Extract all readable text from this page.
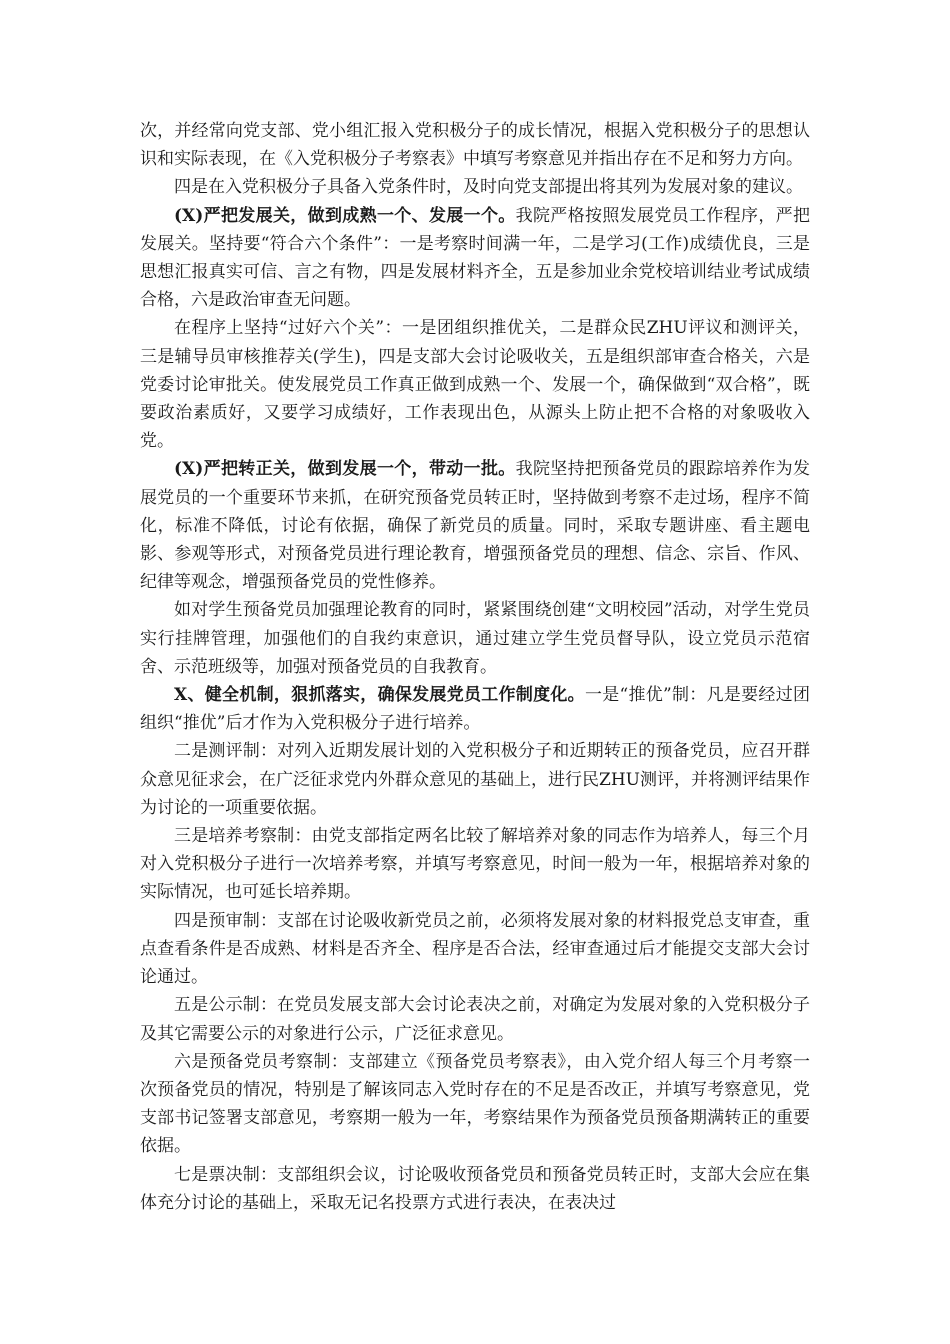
次，并经常向党支部、党小组汇报入党积极分子的成长情况，根据入党积极分子的思想认识和实际表现，在《入党积极分子考察表》中填写考察意见并指出存在不足和努力方向。

四是在入党积极分子具备入党条件时，及时向党支部提出将其列为发展对象的建议。

(X)严把发展关，做到成熟一个、发展一个。我院严格按照发展党员工作程序，严把发展关。坚持要“符合六个条件”：一是考察时间满一年，二是学习(工作)成绩优良，三是思想汇报真实可信、言之有物，四是发展材料齐全，五是参加业余党校培训结业考试成绩合格，六是政治审查无问题。

在程序上坚持“过好六个关”：一是团组织推优关，二是群众民ZHU评议和测评关，三是辅导员审核推荐关(学生)，四是支部大会讨论吸收关，五是组织部审查合格关，六是党委讨论审批关。使发展党员工作真正做到成熟一个、发展一个，确保做到“双合格”，既要政治素质好，又要学习成绩好，工作表现出色，从源头上防止把不合格的对象吸收入党。

(X)严把转正关，做到发展一个，带动一批。我院坚持把预备党员的跟踪培养作为发展党员的一个重要环节来抓，在研究预备党员转正时，坚持做到考察不走过场，程序不简化，标准不降低，讨论有依据，确保了新党员的质量。同时，采取专题讲座、看主题电影、参观等形式，对预备党员进行理论教育，增强预备党员的理想、信念、宗旨、作风、纪律等观念，增强预备党员的党性修养。

如对学生预备党员加强理论教育的同时，紧紧围绕创建“文明校园”活动，对学生党员实行挂牌管理，加强他们的自我约束意识，通过建立学生党员督导队，设立党员示范宿舍、示范班级等，加强对预备党员的自我教育。

X、健全机制，狠抓落实，确保发展党员工作制度化。一是“推优”制：凡是要经过团组织“推优”后才作为入党积极分子进行培养。

二是测评制：对列入近期发展计划的入党积极分子和近期转正的预备党员，应召开群众意见征求会，在广泛征求党内外群众意见的基础上，进行民ZHU测评，并将测评结果作为讨论的一项重要依据。

三是培养考察制：由党支部指定两名比较了解培养对象的同志作为培养人，每三个月对入党积极分子进行一次培养考察，并填写考察意见，时间一般为一年，根据培养对象的实际情况，也可延长培养期。

四是预审制：支部在讨论吸收新党员之前，必须将发展对象的材料报党总支审查，重点查看条件是否成熟、材料是否齐全、程序是否合法，经审查通过后才能提交支部大会讨论通过。

五是公示制：在党员发展支部大会讨论表决之前，对确定为发展对象的入党积极分子及其它需要公示的对象进行公示，广泛征求意见。

六是预备党员考察制：支部建立《预备党员考察表》，由入党介绍人每三个月考察一次预备党员的情况，特别是了解该同志入党时存在的不足是否改正，并填写考察意见，党支部书记签署支部意见，考察期一般为一年，考察结果作为预备党员预备期满转正的重要依据。

七是票决制：支部组织会议，讨论吸收预备党员和预备党员转正时，支部大会应在集体充分讨论的基础上，采取无记名投票方式进行表决，在表决过
